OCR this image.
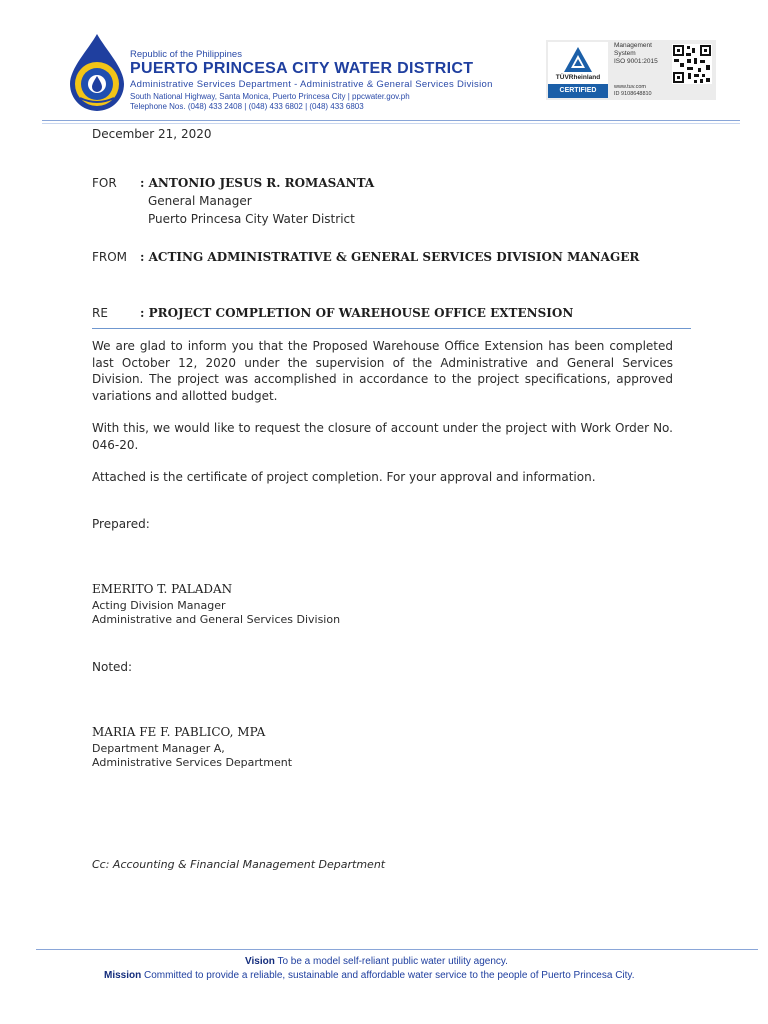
Republic of the Philippines
PUERTO PRINCESA CITY WATER DISTRICT
Administrative Services Department - Administrative & General Services Division
South National Highway, Santa Monica, Puerto Princesa City | ppcwater.gov.ph
Telephone Nos. (048) 433 2408 | (048) 433 6802 | (048) 433 6803
TÜVRheinland
CERTIFIED
Management
System
ISO 9001:2015
www.tuv.com
ID 9108648810
December 21, 2020
FOR : ANTONIO JESUS R. ROMASANTA
General Manager
Puerto Princesa City Water District
FROM : ACTING ADMINISTRATIVE & GENERAL SERVICES DIVISION MANAGER
RE	: PROJECT COMPLETION OF WAREHOUSE OFFICE EXTENSION
We are glad to inform you that the Proposed Warehouse Office Extension has been completed last October 12, 2020 under the supervision of the Administrative and General Services Division. The project was accomplished in accordance to the project specifications, approved variations and allotted budget.
With this, we would like to request the closure of account under the project with Work Order No. 046-20.
Attached is the certificate of project completion. For your approval and information.
Prepared:
EMERITO T. PALADAN
Acting Division Manager
Administrative and General Services Division
Noted:
MARIA FE F. PABLICO, MPA
Department Manager A,
Administrative Services Department
Cc: Accounting & Financial Management Department
Vision To be a model self-reliant public water utility agency.
Mission Committed to provide a reliable, sustainable and affordable water service to the people of Puerto Princesa City.
